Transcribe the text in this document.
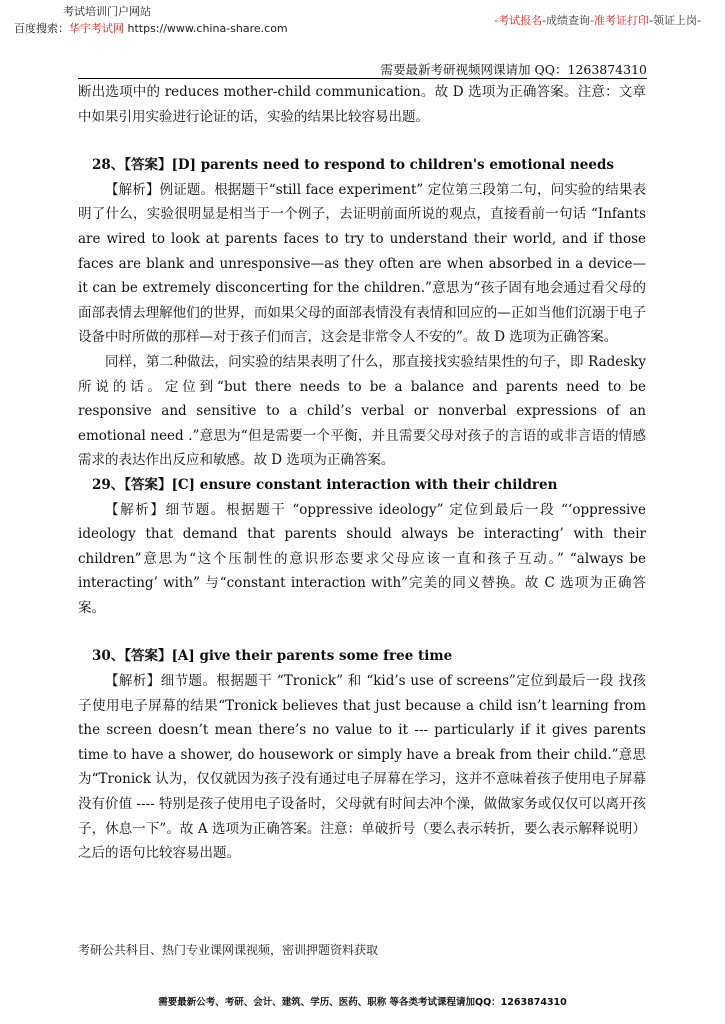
考试培训门户网站
百度搜索：华宇考试网 https://www.china-share.com
-考试报名-成绩查询-准考证打印-领证上岗-
需要最新考研视频网课请加 QQ：1263874310

断出选项中的 reduces mother-child communication。故 D 选项为正确答案。注意：文章中如果引用实验进行论证的话，实验的结果比较容易出题。

28、【答案】[D] parents need to respond to children's emotional needs

【解析】例证题。根据题干“still face experiment” 定位第三段第二句，问实验的结果表明了什么，实验很明显是相当于一个例子，去证明前面所说的观点，直接看前一句话 “Infants are wired to look at parents faces to try to understand their world, and if those faces are blank and unresponsive—as they often are when absorbed in a device—it can be extremely disconcerting for the children.”意思为“孩子固有地会通过看父母的面部表情去理解他们的世界，而如果父母的面部表情没有表情和回应的—正如当他们沉溺于电子设备中时所做的那样—对于孩子们而言，这会是非常令人不安的”。故 D 选项为正确答案。

同样，第二种做法，问实验的结果表明了什么，那直接找实验结果性的句子，即 Radesky 所说的话。定位到“but there needs to be a balance and parents need to be responsive and sensitive to a child’s verbal or nonverbal expressions of an emotional need .”意思为“但是需要一个平衡，并且需要父母对孩子的言语的或非言语的情感需求的表达作出反应和敏感。故 D 选项为正确答案。

29、【答案】[C] ensure constant interaction with their children

【解析】细节题。根据题干 “oppressive ideology” 定位到最后一段 “‘oppressive ideology that demand that parents should always be interacting’ with their children”意思为“这个压制性的意识形态要求父母应该一直和孩子互动。” “always be interacting’ with” 与“constant interaction with”完美的同义替换。故 C 选项为正确答案。

30、【答案】[A] give their parents some free time

【解析】细节题。根据题干 “Tronick” 和 “kid’s use of screens”定位到最后一段 找孩子使用电子屏幕的结果“Tronick believes that just because a child isn’t learning from the screen doesn’t mean there’s no value to it --- particularly if it gives parents time to have a shower, do housework or simply have a break from their child.”意思为“Tronick 认为，仅仅就因为孩子没有通过电子屏幕在学习，这并不意味着孩子使用电子屏幕没有价值 ---- 特别是孩子使用电子设备时，父母就有时间去冲个澡，做做家务或仅仅可以离开孩子，休息一下”。故 A 选项为正确答案。注意：单破折号（要么表示转折，要么表示解释说明）之后的语句比较容易出题。

考研公共科目、热门专业课网课视频，密训押题资料获取
需要最新公考、考研、会计、建筑、学历、医药、职称 等各类考试课程请加QQ：1263874310
